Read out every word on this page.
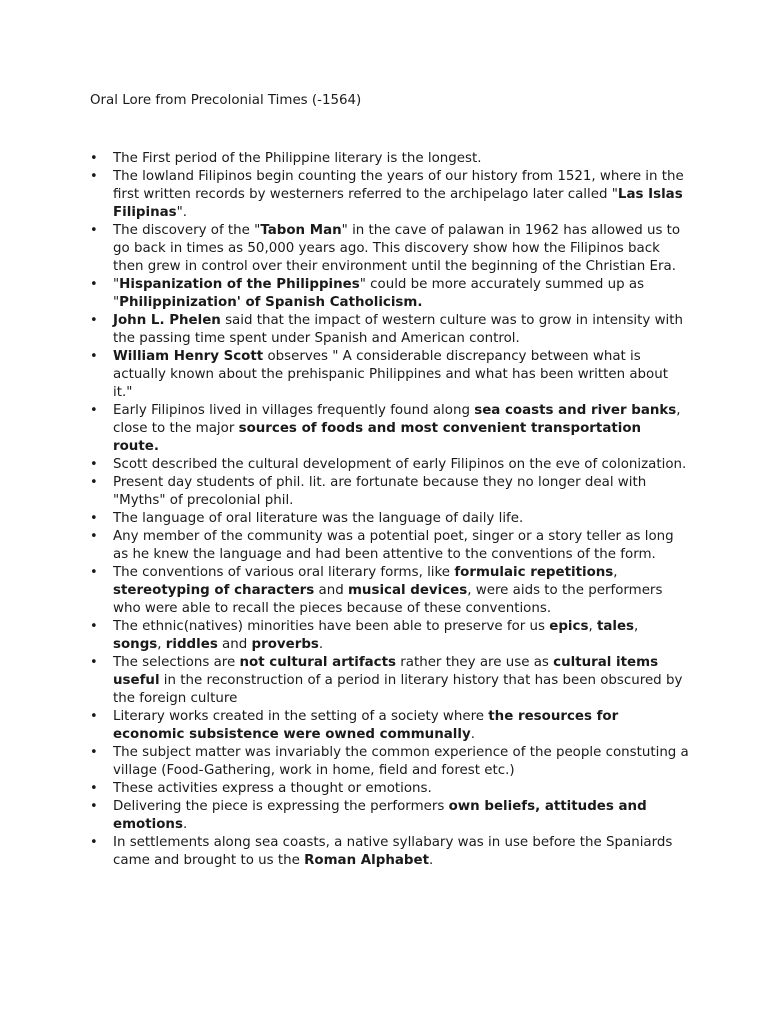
Oral Lore from Precolonial Times (-1564)
• The First period of the Philippine literary is the longest.
• The lowland Filipinos begin counting the years of our history from 1521, where in the first written records by westerners referred to the archipelago later called "Las Islas Filipinas".
• The discovery of the "Tabon Man" in the cave of palawan in 1962 has allowed us to go back in times as 50,000 years ago. This discovery show how the Filipinos back then grew in control over their environment until the beginning of the Christian Era.
• "Hispanization of the Philippines" could be more accurately summed up as "Philippinization' of Spanish Catholicism.
• John L. Phelen said that the impact of western culture was to grow in intensity with the passing time spent under Spanish and American control.
• William Henry Scott observes " A considerable discrepancy between what is actually known about the prehispanic Philippines and what has been written about it."
• Early Filipinos lived in villages frequently found along sea coasts and river banks, close to the major sources of foods and most convenient transportation route.
• Scott described the cultural development of early Filipinos on the eve of colonization.
• Present day students of phil. lit. are fortunate because they no longer deal with "Myths" of precolonial phil.
• The language of oral literature was the language of daily life.
• Any member of the community was a potential poet, singer or a story teller as long as he knew the language and had been attentive to the conventions of the form.
• The conventions of various oral literary forms, like formulaic repetitions, stereotyping of characters and musical devices, were aids to the performers who were able to recall the pieces because of these conventions.
• The ethnic(natives) minorities have been able to preserve for us epics, tales, songs, riddles and proverbs.
• The selections are not cultural artifacts rather they are use as cultural items useful in the reconstruction of a period in literary history that has been obscured by the foreign culture
• Literary works created in the setting of a society where the resources for economic subsistence were owned communally.
• The subject matter was invariably the common experience of the people constuting a village (Food-Gathering, work in home, field and forest etc.)
• These activities express a thought or emotions.
• Delivering the piece is expressing the performers own beliefs, attitudes and emotions.
• In settlements along sea coasts, a native syllabary was in use before the Spaniards came and brought to us the Roman Alphabet.
